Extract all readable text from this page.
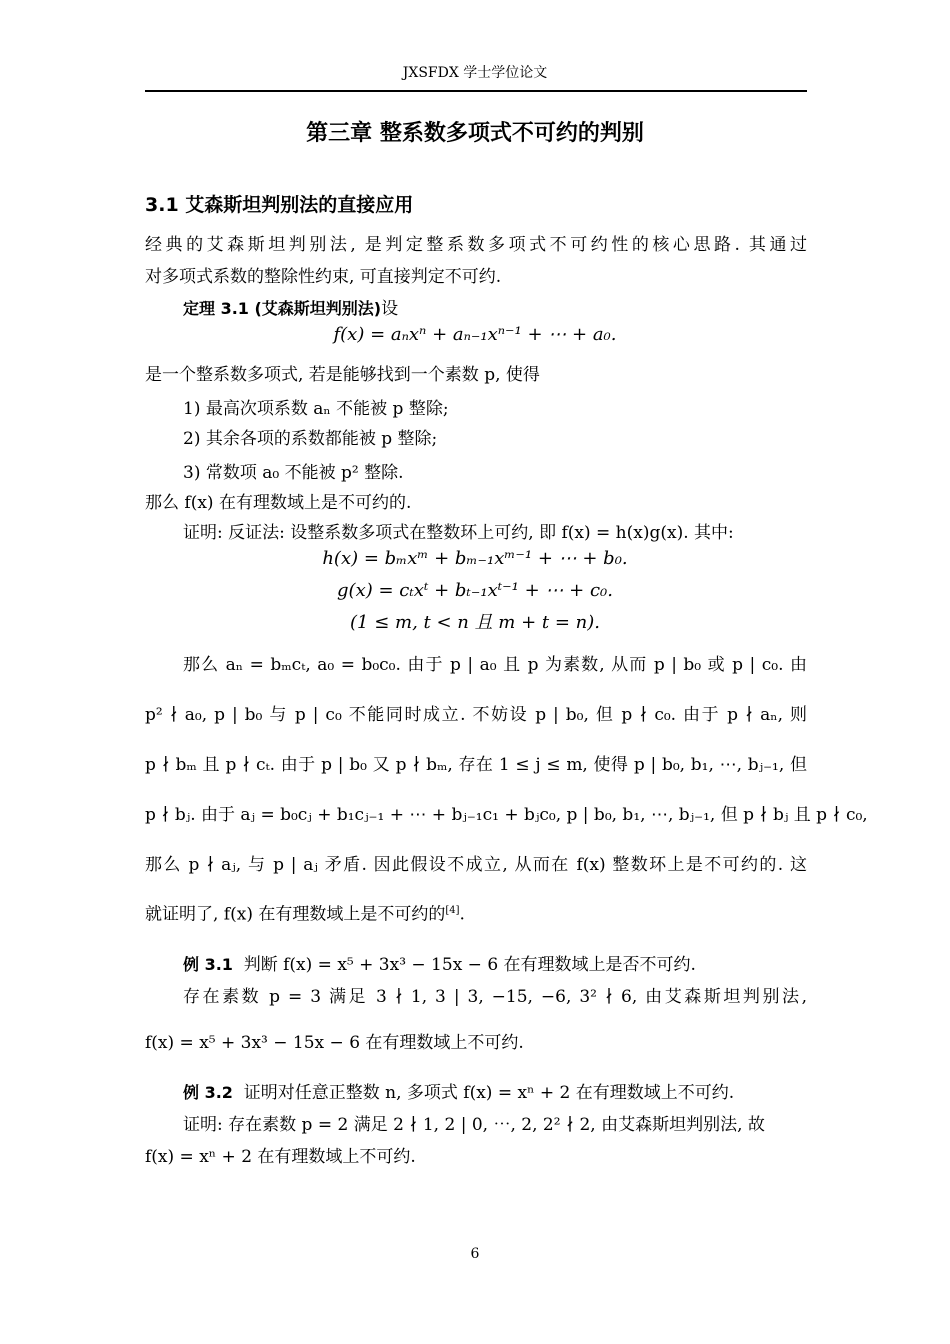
JXSFDX 学士学位论文
第三章 整系数多项式不可约的判别
3.1 艾森斯坦判别法的直接应用
经典的艾森斯坦判别法, 是判定整系数多项式不可约性的核心思路. 其通过
对多项式系数的整除性约束, 可直接判定不可约.
定理 3.1 (艾森斯坦判别法)设
f(x) = aₙxⁿ + aₙ₋₁xⁿ⁻¹ + ⋯ + a₀.
是一个整系数多项式, 若是能够找到一个素数 p, 使得
1) 最高次项系数 aₙ 不能被 p 整除;
2) 其余各项的系数都能被 p 整除;
3) 常数项 a₀ 不能被 p² 整除.
那么 f(x) 在有理数域上是不可约的.
证明: 反证法: 设整系数多项式在整数环上可约, 即 f(x) = h(x)g(x). 其中:
h(x) = bₘxᵐ + bₘ₋₁xᵐ⁻¹ + ⋯ + b₀.
g(x) = cₜxᵗ + bₜ₋₁xᵗ⁻¹ + ⋯ + c₀.
(1 ≤ m, t < n 且 m + t = n).
那么 aₙ = bₘcₜ, a₀ = b₀c₀. 由于 p | a₀ 且 p 为素数, 从而 p | b₀ 或 p | c₀. 由
p² ∤ a₀, p | b₀ 与 p | c₀ 不能同时成立. 不妨设 p | b₀, 但 p ∤ c₀. 由于 p ∤ aₙ, 则
p ∤ bₘ 且 p ∤ cₜ. 由于 p | b₀ 又 p ∤ bₘ, 存在 1 ≤ j ≤ m, 使得 p | b₀, b₁, ⋯, bⱼ₋₁, 但
p ∤ bⱼ. 由于 aⱼ = b₀cⱼ + b₁cⱼ₋₁ + ⋯ + bⱼ₋₁c₁ + bⱼc₀, p | b₀, b₁, ⋯, bⱼ₋₁, 但 p ∤ bⱼ 且 p ∤ c₀,
那么 p ∤ aⱼ, 与 p | aⱼ 矛盾. 因此假设不成立, 从而在 f(x) 整数环上是不可约的. 这
就证明了, f(x) 在有理数域上是不可约的[4].
例 3.1 判断 f(x) = x⁵ + 3x³ − 15x − 6 在有理数域上是否不可约.
存在素数 p = 3 满足 3 ∤ 1, 3 | 3, −15, −6, 3² ∤ 6, 由艾森斯坦判别法,
f(x) = x⁵ + 3x³ − 15x − 6 在有理数域上不可约.
例 3.2 证明对任意正整数 n, 多项式 f(x) = xⁿ + 2 在有理数域上不可约.
证明: 存在素数 p = 2 满足 2 ∤ 1, 2 | 0, ⋯, 2, 2² ∤ 2, 由艾森斯坦判别法, 故
f(x) = xⁿ + 2 在有理数域上不可约.
6
